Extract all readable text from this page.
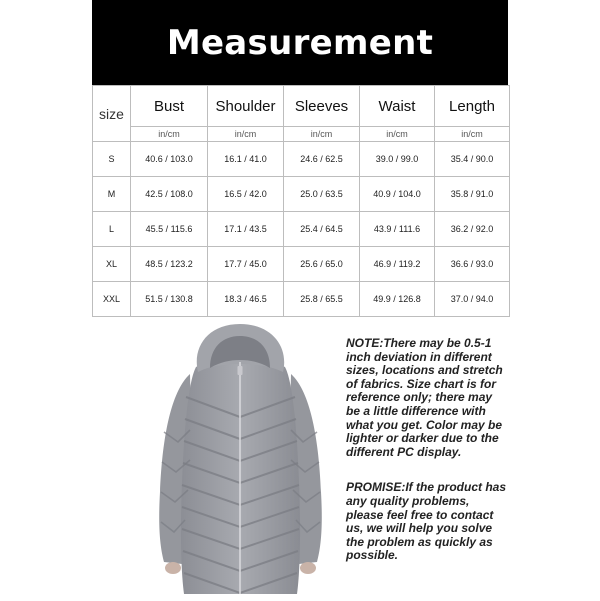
Measurement
size	Bust	Shoulder	Sleeves	Waist	Length
	in/cm	in/cm	in/cm	in/cm	in/cm
S	40.6 / 103.0	16.1 / 41.0	24.6 / 62.5	39.0 / 99.0	35.4 / 90.0
M	42.5 / 108.0	16.5 / 42.0	25.0 / 63.5	40.9 / 104.0	35.8 / 91.0
L	45.5 / 115.6	17.1 / 43.5	25.4 / 64.5	43.9 / 111.6	36.2 / 92.0
XL	48.5 / 123.2	17.7 / 45.0	25.6 / 65.0	46.9 / 119.2	36.6 / 93.0
XXL	51.5 / 130.8	18.3 / 46.5	25.8 / 65.5	49.9 / 126.8	37.0 / 94.0

NOTE:There may be 0.5-1 inch deviation in different sizes, locations and stretch of fabrics. Size chart is for reference only; there may be a little difference with what you get. Color may be lighter or darker due to the different PC display.

PROMISE:If the product has any quality problems, please feel free to contact us, we will help you solve the problem as quickly as possible.
